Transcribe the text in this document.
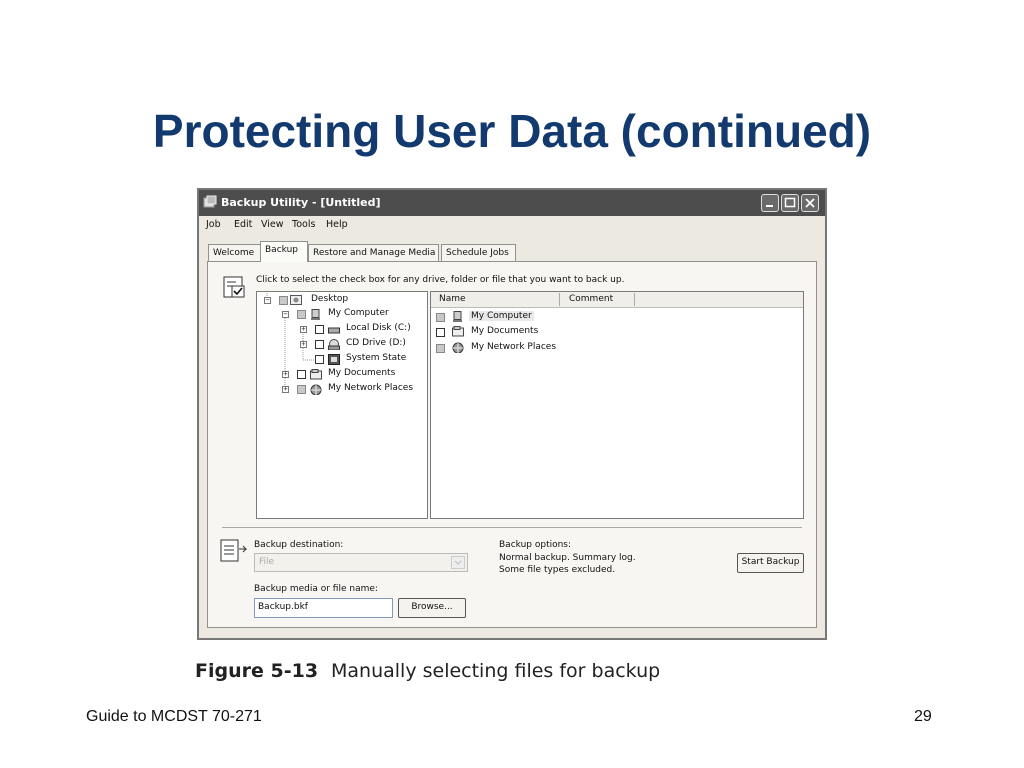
Protecting User Data (continued)
Backup Utility - [Untitled]
Job Edit View Tools Help
Welcome	Backup	Restore and Manage Media	Schedule Jobs
Click to select the check box for any drive, folder or file that you want to back up.
−	Desktop
−	My Computer
+	Local Disk (C:)
+	CD Drive (D:)
System State
+	My Documents
+	My Network Places
Name	Comment
My Computer
My Documents
My Network Places
Backup destination:
File
Backup media or file name:
Backup.bkf	Browse...
Backup options:
Normal backup. Summary log.
Some file types excluded.
Start Backup
Figure 5-13 Manually selecting files for backup
Guide to MCDST 70-271	29
